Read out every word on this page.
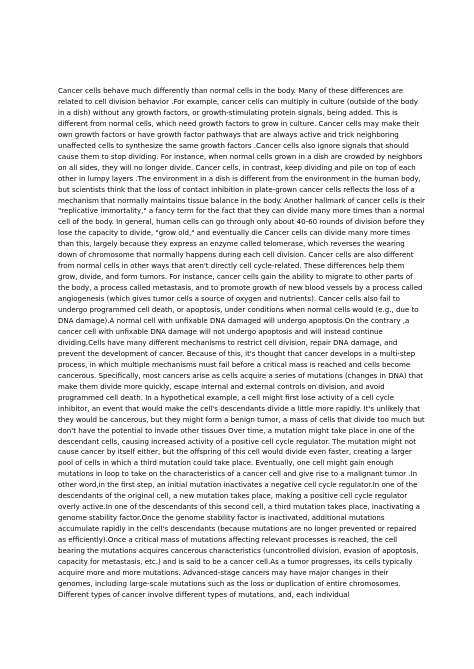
Cancer cells behave much differently than normal cells in the body. Many of these differences are related to cell division behavior .For example, cancer cells can multiply in culture (outside of the body in a dish) without any growth factors, or growth-stimulating protein signals, being added. This is different from normal cells, which need growth factors to grow in culture. Cancer cells may make their own growth factors or have growth factor pathways that are always active and trick neighboring unaffected cells to synthesize the same growth factors .Cancer cells also ignore signals that should cause them to stop dividing. For instance, when normal cells grown in a dish are crowded by neighbors on all sides, they will no longer divide. Cancer cells, in contrast, keep dividing and pile on top of each other in lumpy layers .The environment in a dish is different from the environment in the human body, but scientists think that the loss of contact inhibition in plate-grown cancer cells reflects the loss of a mechanism that normally maintains tissue balance in the body. Another hallmark of cancer cells is their "replicative immortality," a fancy term for the fact that they can divide many more times than a normal cell of the body. In general, human cells can go through only about 40-60 rounds of division before they lose the capacity to divide, "grow old," and eventually die Cancer cells can divide many more times than this, largely because they express an enzyme called telomerase, which reverses the wearing down of chromosome that normally happens during each cell division. Cancer cells are also different from normal cells in other ways that aren't directly cell cycle-related. These differences help them grow, divide, and form tumors. For instance, cancer cells gain the ability to migrate to other parts of the body, a process called metastasis, and to promote growth of new blood vessels by a process called angiogenesis (which gives tumor cells a source of oxygen and nutrients). Cancer cells also fail to undergo programmed cell death, or apoptosis, under conditions when normal cells would (e.g., due to DNA damage).A normal cell with unfixable DNA damaged will undergo apoptosis.On the contrary ,a cancer cell with unfixable DNA damage will not undergo apoptosis and will instead continue dividing.Cells have many different mechanisms to restrict cell division, repair DNA damage, and prevent the development of cancer. Because of this, it's thought that cancer develops in a multi-step process, in which multiple mechanisms must fail before a critical mass is reached and cells become cancerous. Specifically, most cancers arise as cells acquire a series of mutations (changes in DNA) that make them divide more quickly, escape internal and external controls on division, and avoid programmed cell death. In a hypothetical example, a cell might first lose activity of a cell cycle inhibitor, an event that would make the cell's descendants divide a little more rapidly. It's unlikely that they would be cancerous, but they might form a benign tumor, a mass of cells that divide too much but don't have the potential to invade other tissues Over time, a mutation might take place in one of the descendant cells, causing increased activity of a positive cell cycle regulator. The mutation might not cause cancer by itself either, but the offspring of this cell would divide even faster, creating a larger pool of cells in which a third mutation could take place. Eventually, one cell might gain enough mutations in loop to take on the characteristics of a cancer cell and give rise to a malignant tumor .In other word,in the first step, an initial mutation inactivates a negative cell cycle regulator.In one of the descendants of the original cell, a new mutation takes place, making a positive cell cycle regulator overly active.In one of the descendants of this second cell, a third mutation takes place, inactivating a genome stability factor.Once the genome stability factor is inactivated, additional mutations accumulate rapidly in the cell's descendants (because mutations are no longer prevented or repaired as efficiently).Once a critical mass of mutations affecting relevant processes is reached, the cell bearing the mutations acquires cancerous characteristics (uncontrolled division, evasion of apoptosis, capacity for metastasis, etc.) and is said to be a cancer cell.As a tumor progresses, its cells typically acquire more and more mutations. Advanced-stage cancers may have major changes in their genomes, including large-scale mutations such as the loss or duplication of entire chromosomes. Different types of cancer involve different types of mutations, and, each individual
